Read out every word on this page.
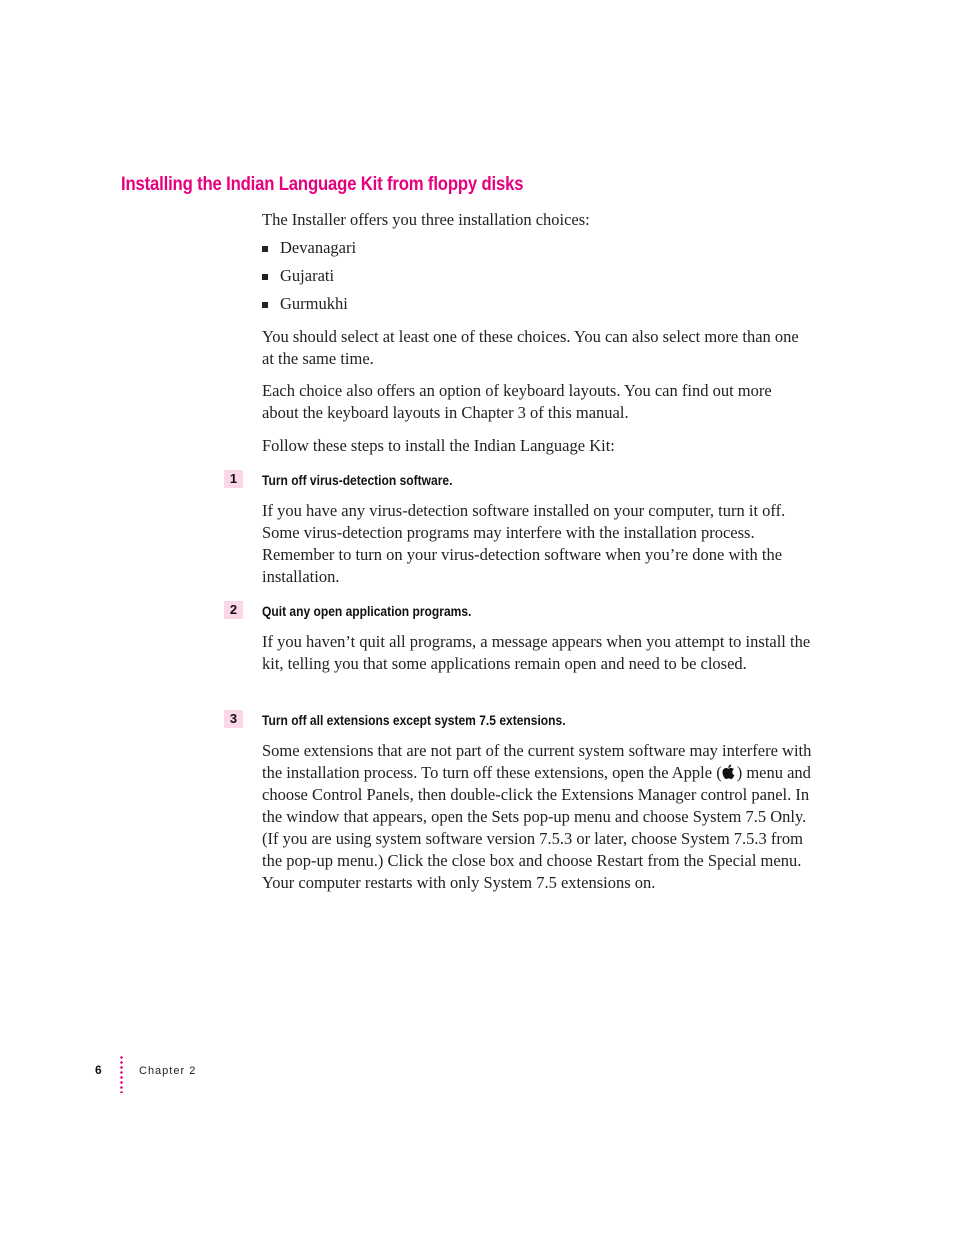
Installing the Indian Language Kit from floppy disks

The Installer offers you three installation choices:

Devanagari
Gujarati
Gurmukhi

You should select at least one of these choices. You can also select more than one at the same time.

Each choice also offers an option of keyboard layouts. You can find out more about the keyboard layouts in Chapter 3 of this manual.

Follow these steps to install the Indian Language Kit:

1	Turn off virus-detection software.

If you have any virus-detection software installed on your computer, turn it off. Some virus-detection programs may interfere with the installation process. Remember to turn on your virus-detection software when you’re done with the installation.

2	Quit any open application programs.

If you haven’t quit all programs, a message appears when you attempt to install the kit, telling you that some applications remain open and need to be closed.

3	Turn off all extensions except system 7.5 extensions.

Some extensions that are not part of the current system software may interfere with the installation process. To turn off these extensions, open the Apple ( ) menu and choose Control Panels, then double-click the Extensions Manager control panel. In the window that appears, open the Sets pop-up menu and choose System 7.5 Only. (If you are using system software version 7.5.3 or later, choose System 7.5.3 from the pop-up menu.) Click the close box and choose Restart from the Special menu. Your computer restarts with only System 7.5 extensions on.

6	Chapter 2
